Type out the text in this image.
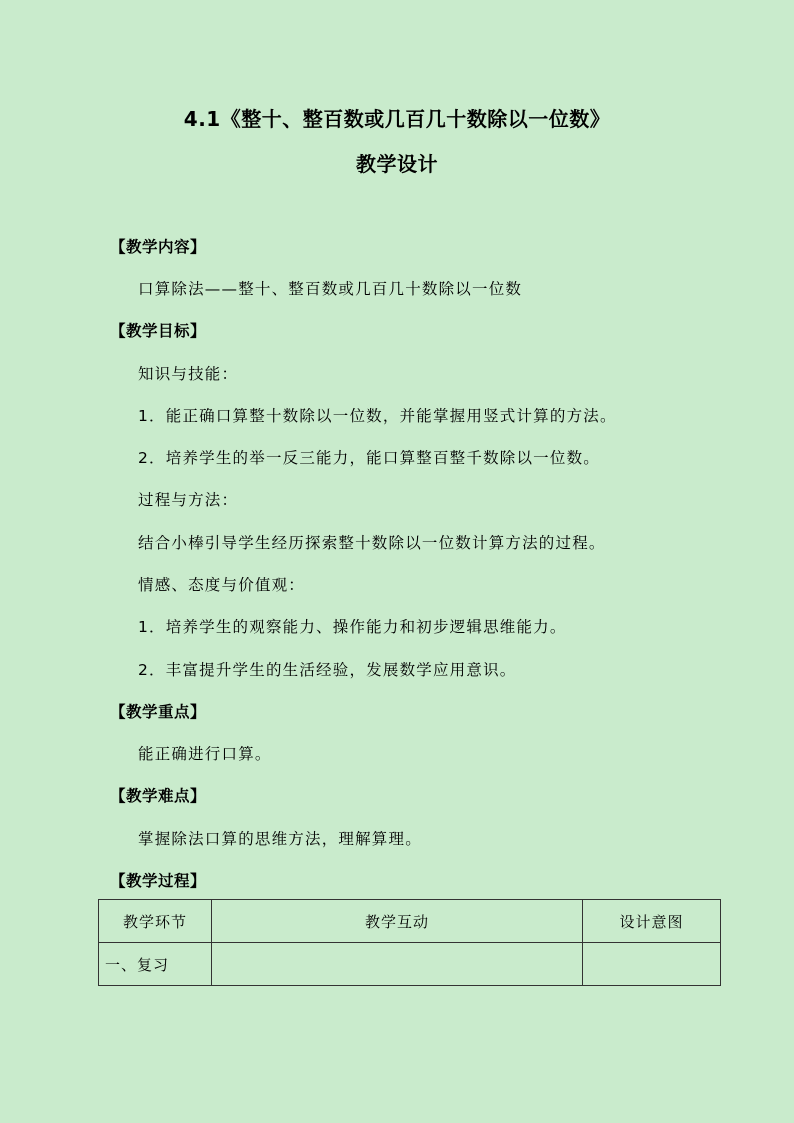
4.1《整十、整百数或几百几十数除以一位数》
教学设计
【教学内容】
口算除法——整十、整百数或几百几十数除以一位数
【教学目标】
知识与技能：
1．能正确口算整十数除以一位数，并能掌握用竖式计算的方法。
2．培养学生的举一反三能力，能口算整百整千数除以一位数。
过程与方法：
结合小棒引导学生经历探索整十数除以一位数计算方法的过程。
情感、态度与价值观：
1．培养学生的观察能力、操作能力和初步逻辑思维能力。
2．丰富提升学生的生活经验，发展数学应用意识。
【教学重点】
能正确进行口算。
【教学难点】
掌握除法口算的思维方法，理解算理。
【教学过程】
教学环节	教学互动	设计意图
一、复习		
